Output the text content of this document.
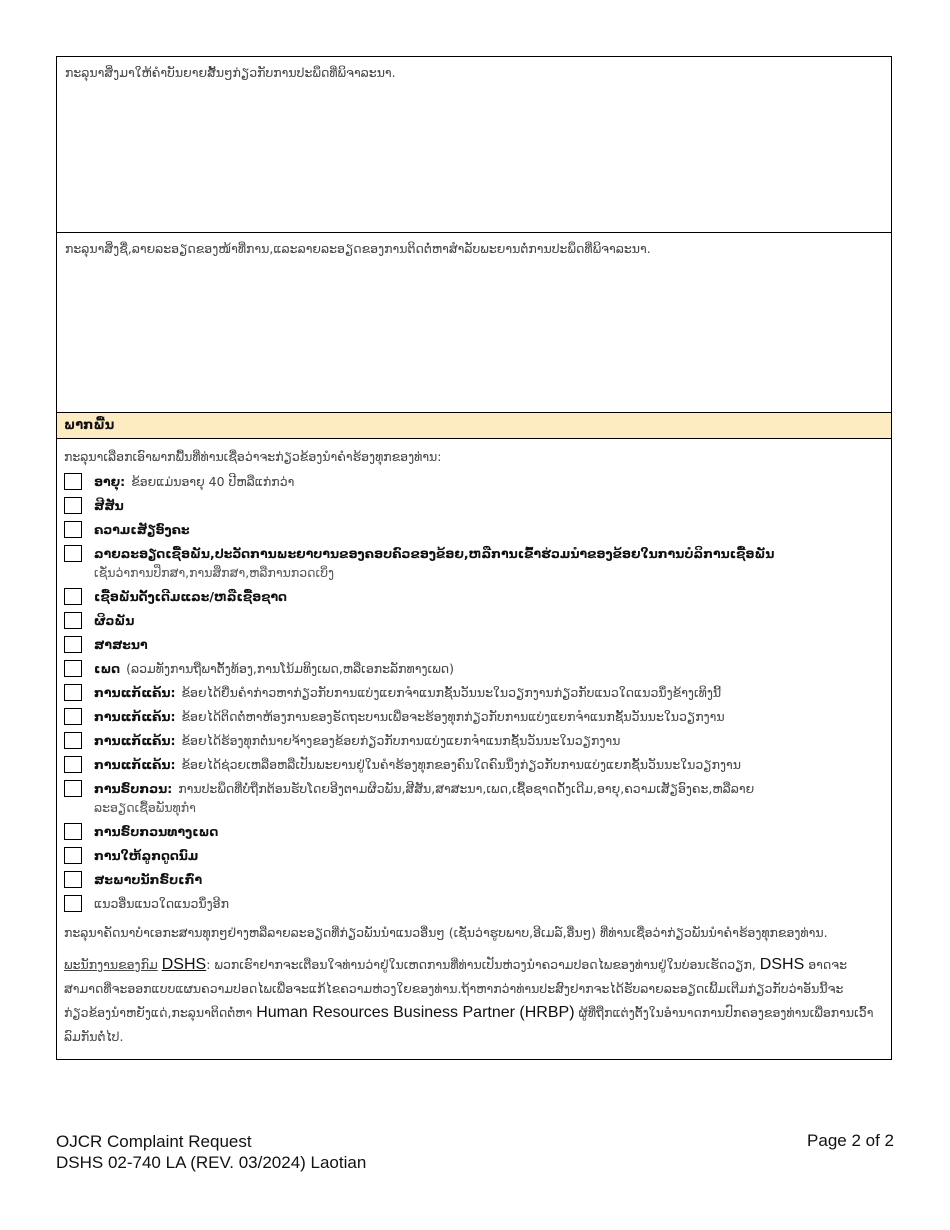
ກະລຸນາສິ່ງມາໃຫ້ຄຳບັນຍາຍສັ້ນໆກ່ຽວກັບການປະພຶດທີ່ພິຈາລະນາ.
ກະລຸນາສິ່ງຊື່,ລາຍລະອຽດຂອງໜ້າທີ່ການ,ແລະລາຍລະອຽດຂອງການຕິດຕໍ່ຫາສຳລັບພະຍານຕໍ່ການປະພຶດທີ່ພິຈາລະນາ.
ພາກພື້ນ
ກະລຸນາເລືອກເອົາພາກພື້ນທີ່ທ່ານເຊື່ອວ່າຈະກ່ຽວຂ້ອງນຳຄຳຮ້ອງທຸກຂອງທ່ານ:
ອາຍຸ: ຂ້ອຍແມ່ນອາຍຸ 40 ປີຫລືແກ່ກວ່າ
ສີສັນ
ຄວາມເສັຽອົງຄະ
ລາຍລະອຽດເຊື້ອພັນ,ປະວັດການພະຍາບານຂອງຄອບຄົວຂອງຂ້ອຍ,ຫລືການເຂົ້າຮ່ວມນຳຂອງຂ້ອຍໃນການບໍລິການເຊື້ອພັນ
ເຊັ່ນວ່າການປຶກສາ,ການສຶກສາ,ຫລືການກວດເບິ່ງ
ເຊື້ອພັນດັ້ງເດີມແລະ/ຫລືເຊື້ອຊາດ
ຜິວພັນ
ສາສະນາ
ເພດ (ລວມທັງການຖືພາຕັ້ງທ້ອງ,ການໂນ້ມທິງເພດ,ຫລືເອກະລັກທາງເພດ)
ການແກ້ແຄ້ນ: ຂ້ອຍໄດ້ຍື່ນຄຳກ່າວຫາກ່ຽວກັບການແບ່ງແຍກຈຳແນກຊັ້ນວັນນະໃນວຽກງານກ່ຽວກັບແນວໃດແນວນຶ່ງຂ້າງເທິງນີ້
ການແກ້ແຄ້ນ: ຂ້ອຍໄດ້ຕິດຕໍ່ຫາຫ້ອງການຂອງຣັດຖະບານເພື່ອຈະຮ້ອງທຸກກ່ຽວກັບການແບ່ງແຍກຈຳແນກຊັ້ນວັນນະໃນວຽກງານ
ການແກ້ແຄ້ນ: ຂ້ອຍໄດ້ຮ້ອງທຸກຕໍ່ນາຍຈ້າງຂອງຂ້ອຍກ່ຽວກັບການແບ່ງແຍກຈຳແນກຊັ້ນວັນນະໃນວຽກງານ
ການແກ້ແຄ້ນ: ຂ້ອຍໄດ້ຊ່ວຍເຫລືອຫລືເປັນພະຍານຢູ່ໃນຄຳຮ້ອງທຸກຂອງຄົນໃດຄົນນຶ່ງກ່ຽວກັບການແບ່ງແຍກຊັ້ນວັນນະໃນວຽກງານ
ການຣົບກວນ: ການປະພຶດທີ່ບໍ່ຖືກຕ້ອນຮັບໂດຍອີງຕາມຜິວພັນ,ສີສັນ,ສາສະນາ,ເພດ,ເຊື້ອຊາດດັ້ງເດີມ,ອາຍຸ,ຄວາມເສັຽອົງຄະ,ຫລືລາຍ
ລະອຽດເຊື້ອພັນທຸກຳ
ການຣົບກວນທາງເພດ
ການໃຫ້ລູກດູດນົມ
ສະພາບນັກຣົບເກົ່າ
ແນວອື່ນແນວໃດແນວນຶ່ງອີກ
ກະລຸນາຄັດນາບຳເອກະສານທຸກໆຢ່າງຫລືລາຍລະອຽດທີ່ກ່ຽວພັນນຳແນວອື່ນໆ (ເຊັ່ນວ່າຮູບພາບ,ອີເມລ໌,ອື່ນໆ) ທີ່ທ່ານເຊື່ອວ່າກ່ຽວພັນນຳຄຳຮ້ອງທຸກຂອງທ່ານ.
ພະນັກງານຂອງກົມ DSHS: ພວກເຮົາຢາກຈະເຕືອນໃຈທ່ານວ່າຢູ່ໃນເຫດການທີ່ທ່ານເປັນຫ່ວງນຳຄວາມປອດໄພຂອງທ່ານຢູ່ໃນບ່ອນເຮັດວຽກ, DSHS ອາດຈະສາມາດທີ່ຈະອອກແບບແຜນຄວາມປອດໄພເພື່ອຈະແກ້ໄຂຄວາມຫ່ວງໃຍຂອງທ່ານ.ຖ້າຫາກວ່າທ່ານປະສົງຢາກຈະໄດ້ຮັບລາຍລະອຽດເພີ້ມເຕີມກ່ຽວກັບວ່າອັນນີ້ຈະກ່ຽວຂ້ອງນຳຫຍັງແດ່,ກະລຸນາຕິດຕໍ່ຫາ Human Resources Business Partner (HRBP) ຜູ້ທີ່ຖືກແຕ່ງຕັ້ງໃນອຳນາດການປົກຄອງຂອງທ່ານເພື່ອການເວົ້າລົມກັນຕໍ່ໄປ.
OJCR Complaint Request
DSHS 02-740 LA (REV. 03/2024) Laotian
Page 2 of 2
